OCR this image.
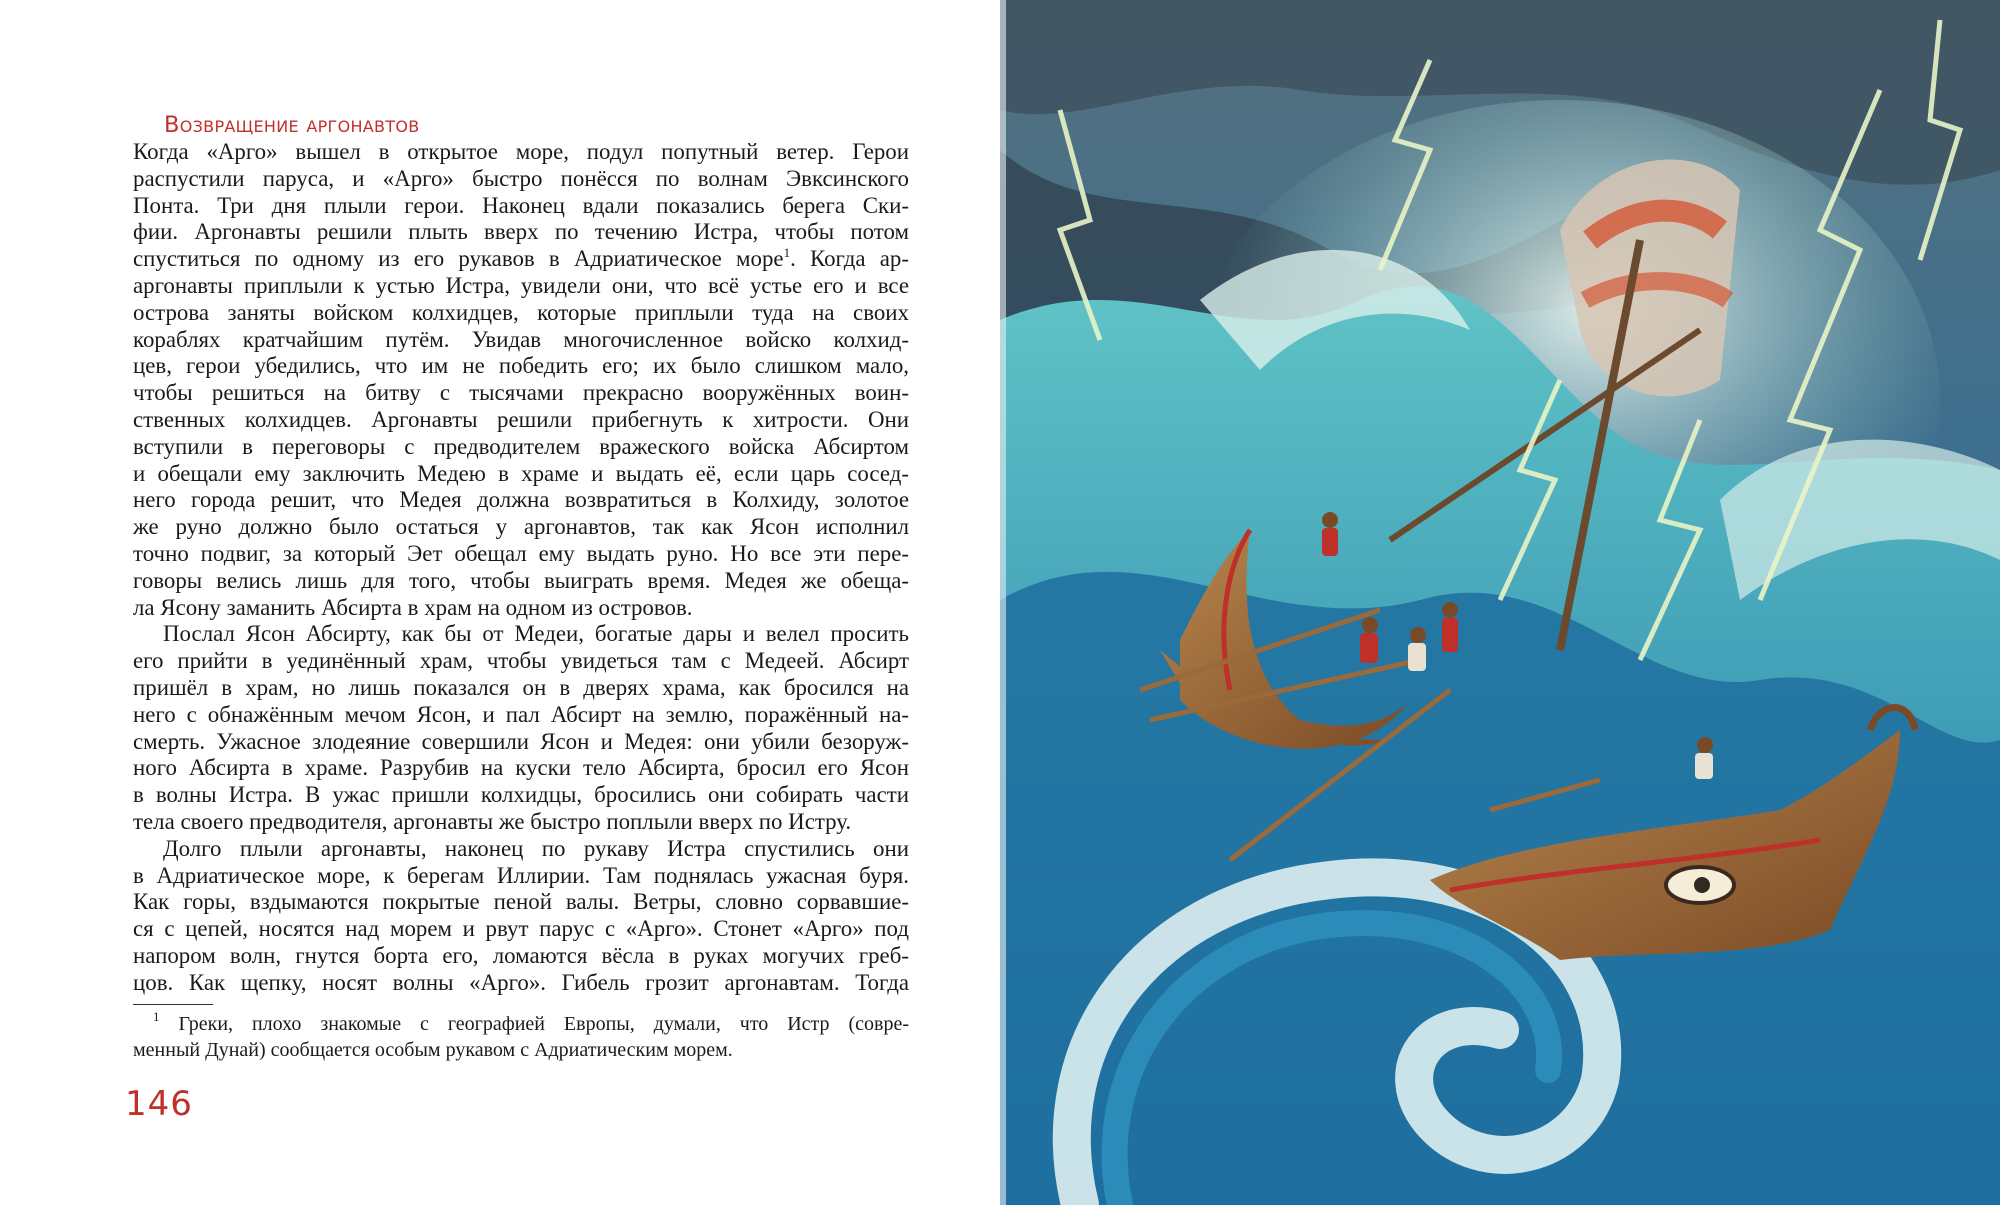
Возвращение аргонавтов
Когда «Арго» вышел в открытое море, подул попутный ветер. Герои
распустили паруса, и «Арго» быстро понёсся по волнам Эвксинского
Понта. Три дня плыли герои. Наконец вдали показались берега Ски-
фии. Аргонавты решили плыть вверх по течению Истра, чтобы потом
спуститься по одному из его рукавов в Адриатическое море$^1$. Когда ар-
аргонавты приплыли к устью Истра, увидели они, что всё устье его и все
острова заняты войском колхидцев, которые приплыли туда на своих
кораблях кратчайшим путём. Увидав многочисленное войско колхид-
цев, герои убедились, что им не победить его; их было слишком мало,
чтобы решиться на битву с тысячами прекрасно вооружённых воин-
ственных колхидцев. Аргонавты решили прибегнуть к хитрости. Они
вступили в переговоры с предводителем вражеского войска Абсиртом
и обещали ему заключить Медею в храме и выдать её, если царь сосед-
него города решит, что Медея должна возвратиться в Колхиду, золотое
же руно должно было остаться у аргонавтов, так как Ясон исполнил
точно подвиг, за который Эет обещал ему выдать руно. Но все эти пере-
говоры велись лишь для того, чтобы выиграть время. Медея же обеща-
ла Ясону заманить Абсирта в храм на одном из островов.
Послал Ясон Абсирту, как бы от Медеи, богатые дары и велел просить
его прийти в уединённый храм, чтобы увидеться там с Медеей. Абсирт
пришёл в храм, но лишь показался он в дверях храма, как бросился на
него с обнажённым мечом Ясон, и пал Абсирт на землю, поражённый на-
смерть. Ужасное злодеяние совершили Ясон и Медея: они убили безоруж-
ного Абсирта в храме. Разрубив на куски тело Абсирта, бросил его Ясон
в волны Истра. В ужас пришли колхидцы, бросились они собирать части
тела своего предводителя, аргонавты же быстро поплыли вверх по Истру.
Долго плыли аргонавты, наконец по рукаву Истра спустились они
в Адриатическое море, к берегам Иллирии. Там поднялась ужасная буря.
Как горы, вздымаются покрытые пеной валы. Ветры, словно сорвавшие-
ся с цепей, носятся над морем и рвут парус с «Арго». Стонет «Арго» под
напором волн, гнутся борта его, ломаются вёсла в руках могучих греб-
цов. Как щепку, носят волны «Арго». Гибель грозит аргонавтам. Тогда
$^1$ Греки, плохо знакомые с географией Европы, думали, что Истр (совре-
менный Дунай) сообщается особым рукавом с Адриатическим морем.
146
